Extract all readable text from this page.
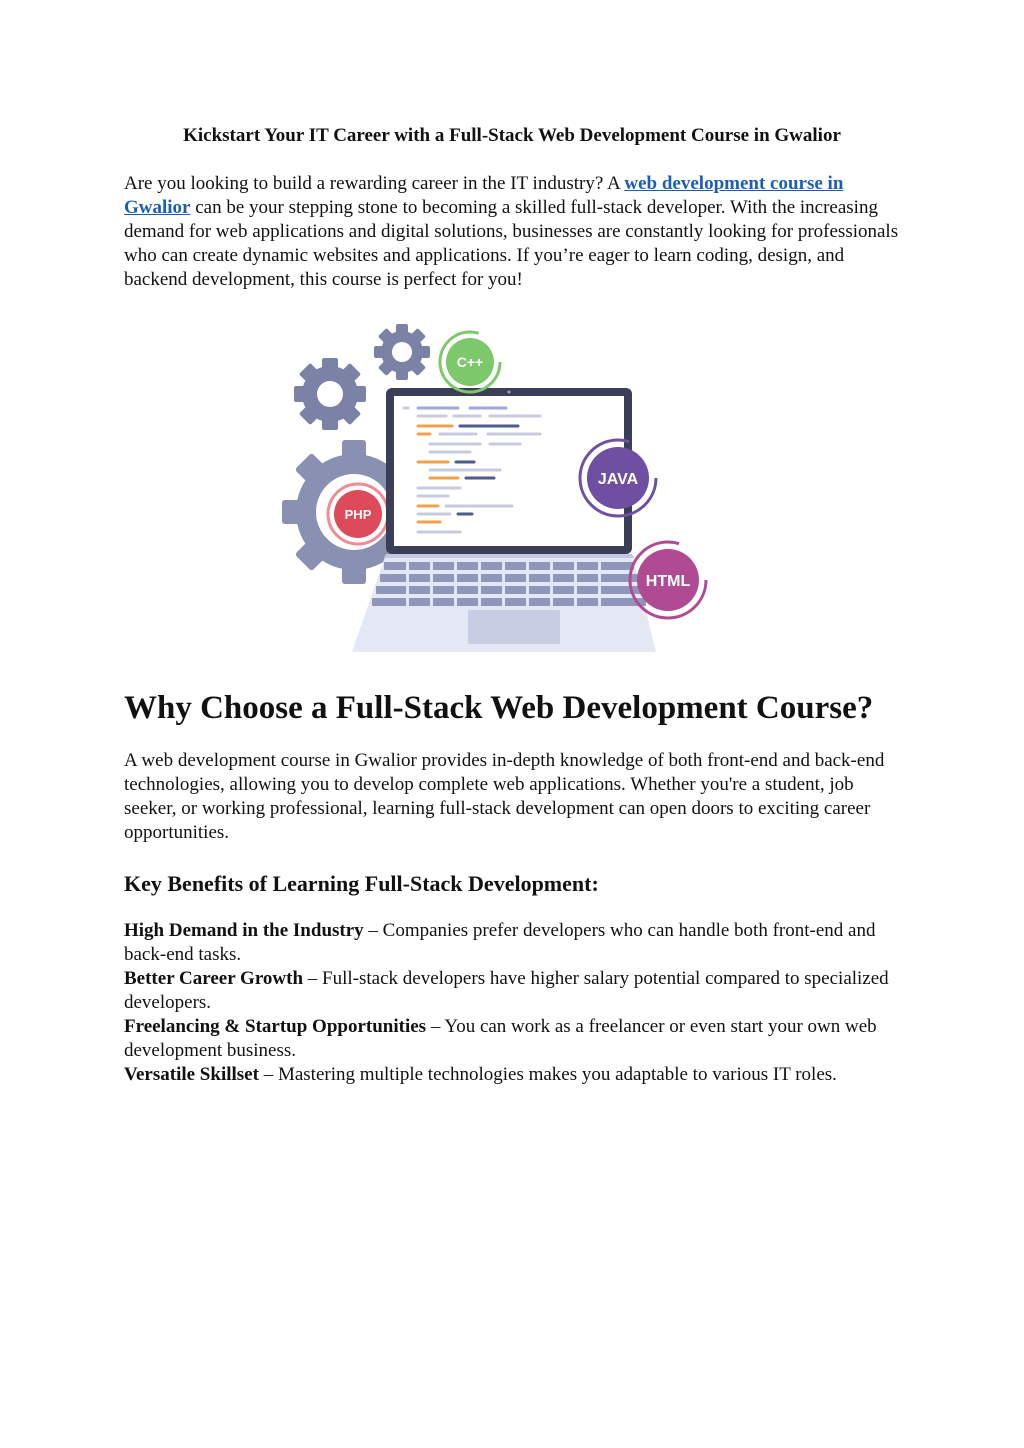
Kickstart Your IT Career with a Full-Stack Web Development Course in Gwalior

Are you looking to build a rewarding career in the IT industry? A web development course in Gwalior can be your stepping stone to becoming a skilled full-stack developer. With the increasing demand for web applications and digital solutions, businesses are constantly looking for professionals who can create dynamic websites and applications. If you’re eager to learn coding, design, and backend development, this course is perfect for you!

PHP
C++
JAVA
HTML
Why Choose a Full-Stack Web Development Course?

A web development course in Gwalior provides in-depth knowledge of both front-end and back-end technologies, allowing you to develop complete web applications. Whether you're a student, job seeker, or working professional, learning full-stack development can open doors to exciting career opportunities.

Key Benefits of Learning Full-Stack Development:
High Demand in the Industry – Companies prefer developers who can handle both front-end and back-end tasks.
Better Career Growth – Full-stack developers have higher salary potential compared to specialized developers.
Freelancing & Startup Opportunities – You can work as a freelancer or even start your own web development business.
Versatile Skillset – Mastering multiple technologies makes you adaptable to various IT roles.
